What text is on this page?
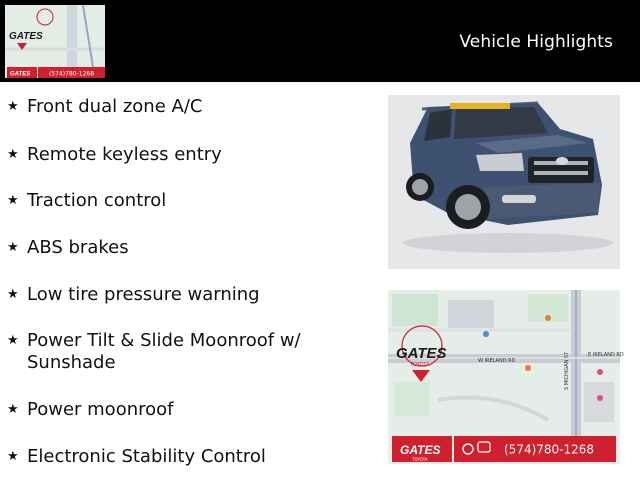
GATES
GATES	(574)780-1268
Vehicle Highlights
★ Front dual zone A/C
★ Remote keyless entry
★ Traction control
★ ABS brakes
★ Low tire pressure warning
★ Power Tilt & Slide Moonroof w/ Sunshade
★ Power moonroof
★ Electronic Stability Control
W IRELAND RD
E IRELAND RD
S MICHIGAN ST
GATES
TOYOTA
GATES
TOYOTA
(574)780-1268
